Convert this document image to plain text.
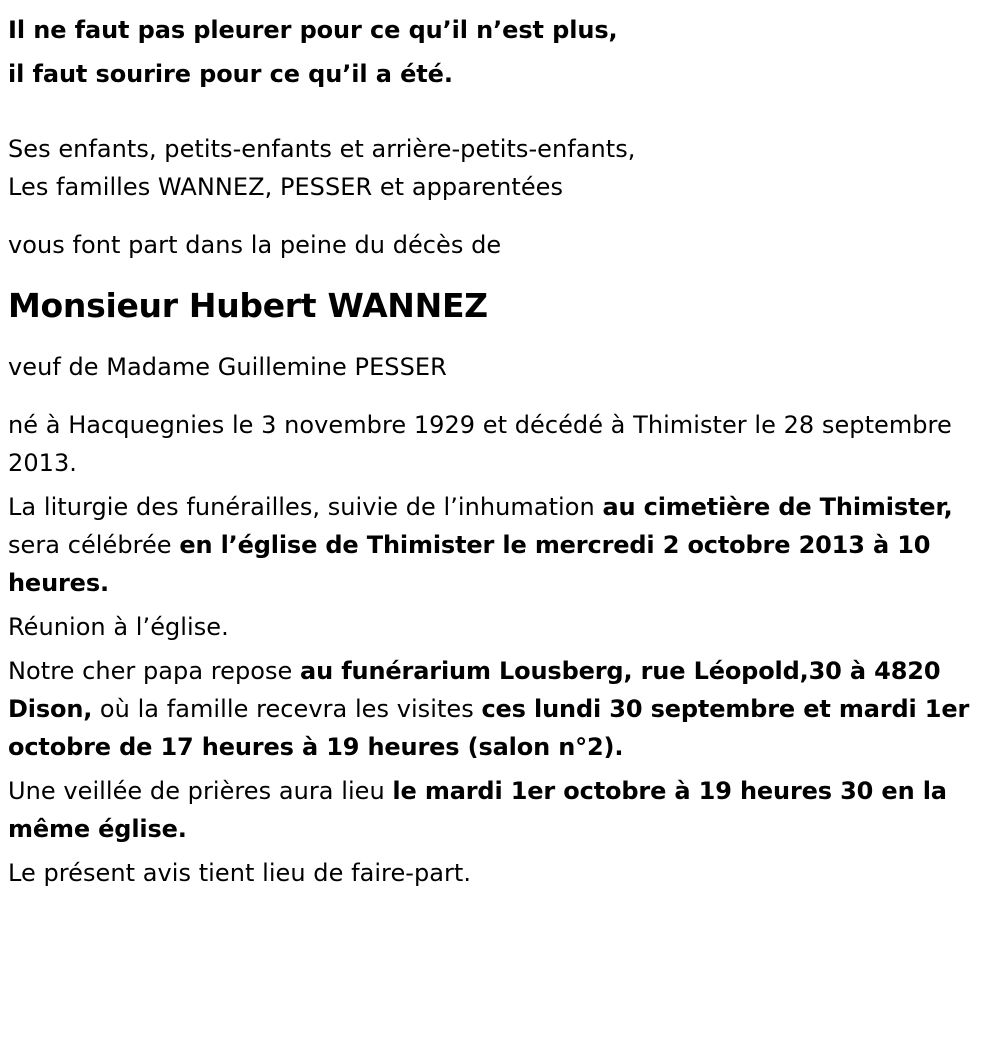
Il ne faut pas pleurer pour ce qu’il n’est plus,
il faut sourire pour ce qu’il a été.
Ses enfants, petits-enfants et arrière-petits-enfants,
Les familles WANNEZ, PESSER et apparentées

vous font part dans la peine du décès de

Monsieur Hubert WANNEZ

veuf de Madame Guillemine PESSER

né à Hacquegnies le 3 novembre 1929 et décédé à Thimister le 28 septembre 2013.

La liturgie des funérailles, suivie de l’inhumation au cimetière de Thimister, sera célébrée en l’église de Thimister le mercredi 2 octobre 2013 à 10 heures.

Réunion à l’église.

Notre cher papa repose au funérarium Lousberg, rue Léopold,30 à 4820 Dison, où la famille recevra les visites ces lundi 30 septembre et mardi 1er octobre de 17 heures à 19 heures (salon n°2).

Une veillée de prières aura lieu le mardi 1er octobre à 19 heures 30 en la même église.

Le présent avis tient lieu de faire-part.
